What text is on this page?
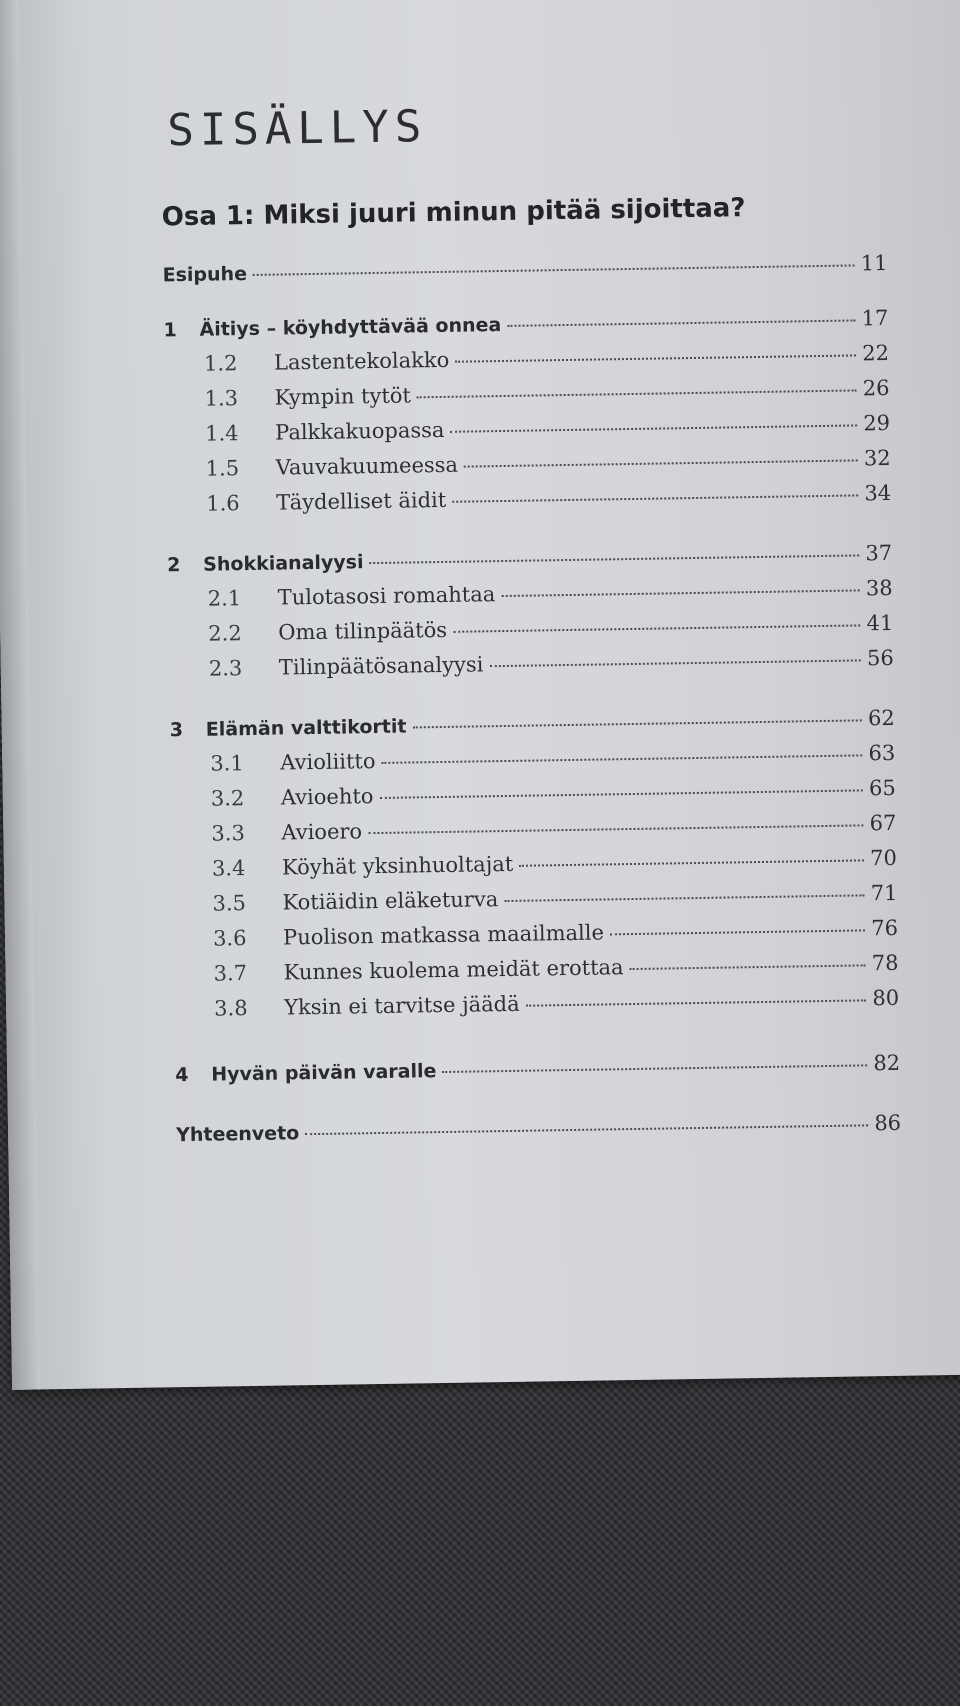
SISÄLLYS
Osa 1: Miksi juuri minun pitää sijoittaa?
Esipuhe	11
1	Äitiys – köyhdyttävää onnea	17
1.2	Lastentekolakko	22
1.3	Kympin tytöt	26
1.4	Palkkakuopassa	29
1.5	Vauvakuumeessa	32
1.6	Täydelliset äidit	34
2	Shokkianalyysi	37
2.1	Tulotasosi romahtaa	38
2.2	Oma tilinpäätös	41
2.3	Tilinpäätösanalyysi	56
3	Elämän valttikortit	62
3.1	Avioliitto	63
3.2	Avioehto	65
3.3	Avioero	67
3.4	Köyhät yksinhuoltajat	70
3.5	Kotiäidin eläketurva	71
3.6	Puolison matkassa maailmalle	76
3.7	Kunnes kuolema meidät erottaa	78
3.8	Yksin ei tarvitse jäädä	80
4	Hyvän päivän varalle	82
Yhteenveto	86
